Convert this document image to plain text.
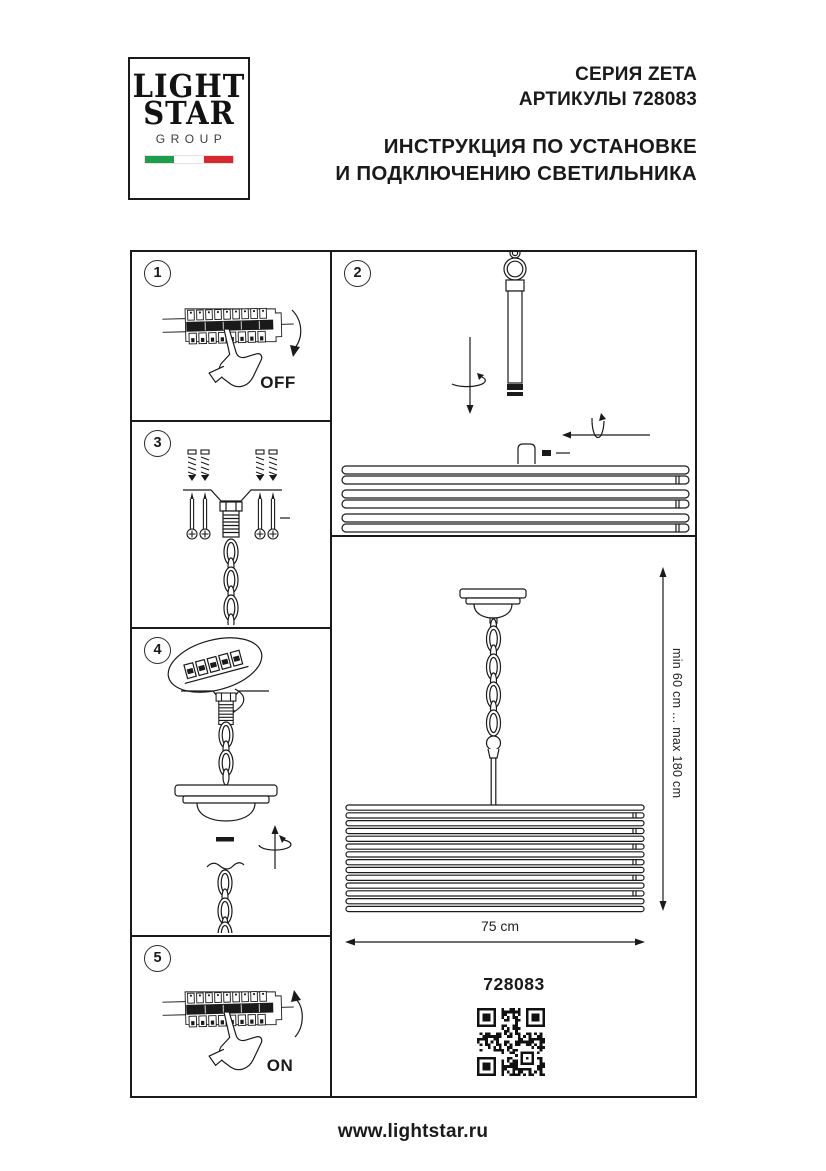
LIGHT
STAR
GROUP
СЕРИЯ ZETA
АРТИКУЛЫ 728083
ИНСТРУКЦИЯ ПО УСТАНОВКЕ
И ПОДКЛЮЧЕНИЮ СВЕТИЛЬНИКА
1
OFF
3
4
5
ON
2
min 60 cm ... max 180 cm
75 cm
728083
www.lightstar.ru
